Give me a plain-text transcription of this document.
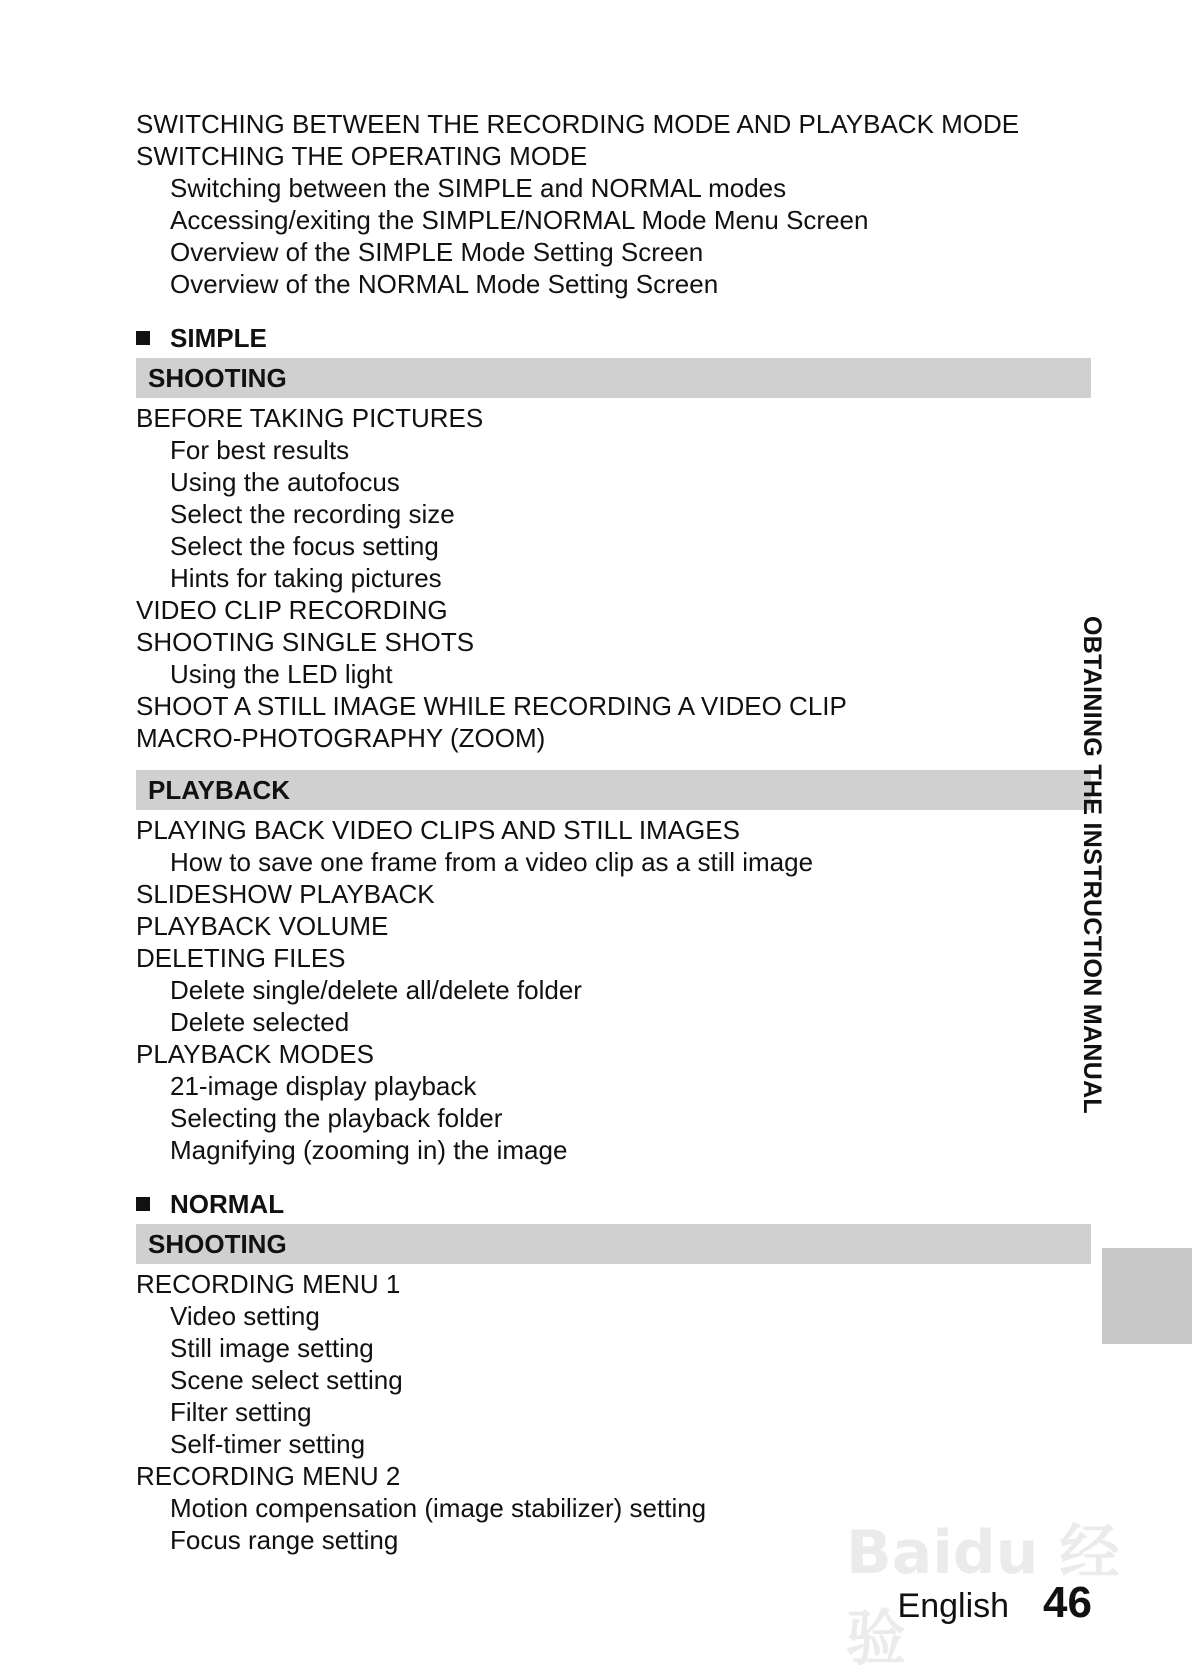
SWITCHING BETWEEN THE RECORDING MODE AND PLAYBACK MODE
SWITCHING THE OPERATING MODE
Switching between the SIMPLE and NORMAL modes
Accessing/exiting the SIMPLE/NORMAL Mode Menu Screen
Overview of the SIMPLE Mode Setting Screen
Overview of the NORMAL Mode Setting Screen
SIMPLE
SHOOTING
BEFORE TAKING PICTURES
For best results
Using the autofocus
Select the recording size
Select the focus setting
Hints for taking pictures
VIDEO CLIP RECORDING
SHOOTING SINGLE SHOTS
Using the LED light
SHOOT A STILL IMAGE WHILE RECORDING A VIDEO CLIP
MACRO-PHOTOGRAPHY (ZOOM)
PLAYBACK
PLAYING BACK VIDEO CLIPS AND STILL IMAGES
How to save one frame from a video clip as a still image
SLIDESHOW PLAYBACK
PLAYBACK VOLUME
DELETING FILES
Delete single/delete all/delete folder
Delete selected
PLAYBACK MODES
21-image display playback
Selecting the playback folder
Magnifying (zooming in) the image
NORMAL
SHOOTING
RECORDING MENU 1
Video setting
Still image setting
Scene select setting
Filter setting
Self-timer setting
RECORDING MENU 2
Motion compensation (image stabilizer) setting
Focus range setting
OBTAINING THE INSTRUCTION MANUAL
Baidu 经验
English 46
